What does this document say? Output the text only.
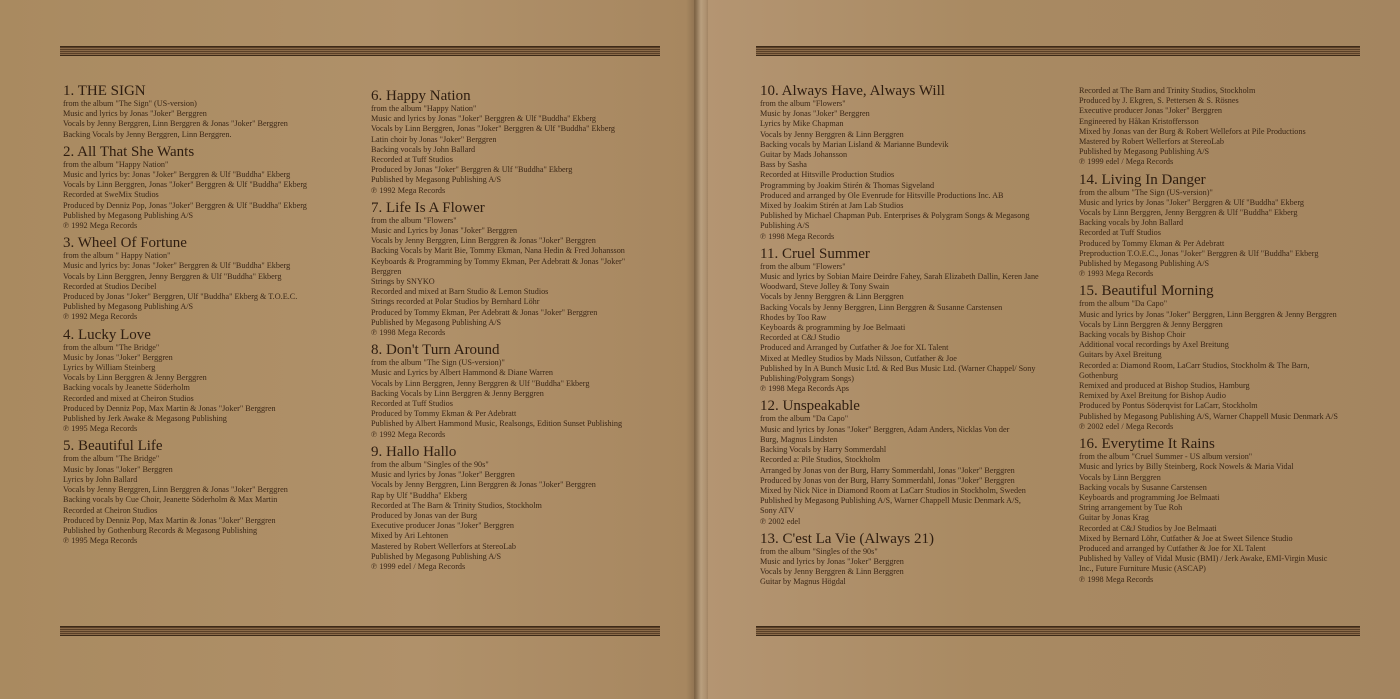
1. THE SIGN
from the album "The Sign" (US-version)
Music and lyrics by Jonas "Joker" Berggren
Vocals by Jenny Berggren, Linn Berggren & Jonas "Joker" Berggren
Backing Vocals by Jenny Berggren, Linn Berggren.
2. All That She Wants
from the album "Happy Nation"
Music and lyrics by: Jonas "Joker" Berggren & Ulf "Buddha" Ekberg
Vocals by Linn Berggren, Jonas "Joker" Berggren & Ulf "Buddha" Ekberg
Recorded at SweMix Studios
Produced by Denniz Pop, Jonas "Joker" Berggren & Ulf "Buddha" Ekberg
Published by Megasong Publishing A/S
℗ 1992 Mega Records
3. Wheel Of Fortune
from the album " Happy Nation"
Music and lyrics by: Jonas "Joker" Berggren & Ulf "Buddha" Ekberg
Vocals by Linn Berggren, Jenny Berggren & Ulf "Buddha" Ekberg
Recorded at Studios Decibel
Produced by Jonas "Joker" Berggren, Ulf "Buddha" Ekberg & T.O.E.C.
Published by Megasong Publishing A/S
℗ 1992 Mega Records
4. Lucky Love
from the album "The Bridge"
Music by Jonas "Joker" Berggren
Lyrics by William Steinberg
Vocals by Linn Berggren & Jenny Berggren
Backing vocals by Jeanette Söderholm
Recorded and mixed at Cheiron Studios
Produced by Denniz Pop, Max Martin & Jonas "Joker" Berggren
Published by Jerk Awake & Megasong Publishing
℗ 1995 Mega Records
5. Beautiful Life
from the album "The Bridge"
Music by Jonas "Joker" Berggren
Lyrics by John Ballard
Vocals by Jenny Berggren, Linn Berggren & Jonas "Joker" Berggren
Backing vocals by Cue Choir, Jeanette Söderholm & Max Martin
Recorded at Cheiron Studios
Produced by Denniz Pop, Max Martin & Jonas "Joker" Berggren
Published by Gothenburg Records & Megasong Publishing
℗ 1995 Mega Records
6. Happy Nation
from the album "Happy Nation"
Music and lyrics by Jonas "Joker" Berggren & Ulf "Buddha" Ekberg
Vocals by Linn Berggren, Jonas "Joker" Berggren & Ulf "Buddha" Ekberg
Latin choir by Jonas "Joker" Berggren
Backing vocals by John Ballard
Recorded at Tuff Studios
Produced by Jonas "Joker" Berggren & Ulf "Buddha" Ekberg
Published by Megasong Publishing A/S
℗ 1992 Mega Records
7. Life Is A Flower
from the album "Flowers"
Music and Lyrics by Jonas "Joker" Berggren
Vocals by Jenny Berggren, Linn Berggren & Jonas "Joker" Berggren
Backing Vocals by Marit Bie, Tommy Ekman, Nana Hedin & Fred Johansson
Keyboards & Programming by Tommy Ekman, Per Adebratt & Jonas "Joker"
Berggren
Strings by SNYKO
Recorded and mixed at Barn Studio & Lemon Studios
Strings recorded at Polar Studios by Bernhard Löhr
Produced by Tommy Ekman, Per Adebratt & Jonas "Joker" Berggren
Published by Megasong Publishing A/S
℗ 1998 Mega Records
8. Don't Turn Around
from the album "The Sign (US-version)"
Music and Lyrics by Albert Hammond & Diane Warren
Vocals by Linn Berggren, Jenny Berggren & Ulf "Buddha" Ekberg
Backing Vocals by Linn Berggren & Jenny Berggren
Recorded at Tuff Studios
Produced by Tommy Ekman & Per Adebratt
Published by Albert Hammond Music, Realsongs, Edition Sunset Publishing
℗ 1992 Mega Records
9. Hallo Hallo
from the album "Singles of the 90s"
Music and lyrics by Jonas "Joker" Berggren
Vocals by Jenny Berggren, Linn Berggren & Jonas "Joker" Berggren
Rap by Ulf "Buddha" Ekberg
Recorded at The Barn & Trinity Studios, Stockholm
Produced by Jonas van der Burg
Executive producer Jonas "Joker" Berggren
Mixed by Ari Lehtonen
Mastered by Robert Wellerfors at StereoLab
Published by Megasong Publishing A/S
℗ 1999 edel / Mega Records
10. Always Have, Always Will
from the album "Flowers"
Music by Jonas "Joker" Berggren
Lyrics by Mike Chapman
Vocals by Jenny Berggren & Linn Berggren
Backing vocals by Marian Lisland & Marianne Bundevik
Guitar by Mads Johansson
Bass by Sasha
Recorded at Hitsville Production Studios
Programming by Joakim Stirén & Thomas Sigveland
Produced and arranged by Ole Evenrude for Hitsville Productions Inc. AB
Mixed by Joakim Stirén at Jam Lab Studios
Published by Michael Chapman Pub. Enterprises & Polygram Songs & Megasong
Publishing A/S
℗ 1998 Mega Records
11. Cruel Summer
from the album "Flowers"
Music and lyrics by Sobian Maire Deirdre Fahey, Sarah Elizabeth Dallin, Keren Jane
Woodward, Steve Jolley & Tony Swain
Vocals by Jenny Berggren & Linn Berggren
Backing Vocals by Jenny Berggren, Linn Berggren & Susanne Carstensen
Rhodes by Too Raw
Keyboards & programming by Joe Belmaati
Recorded at C&J Studio
Produced and Arranged by Cutfather & Joe for XL Talent
Mixed at Medley Studios by Mads Nilsson, Cutfather & Joe
Published by In A Bunch Music Ltd. & Red Bus Music Ltd. (Warner Chappel/ Sony
Publishing/Polygram Songs)
℗ 1998 Mega Records Aps
12. Unspeakable
from the album "Da Capo"
Music and lyrics by Jonas "Joker" Berggren, Adam Anders, Nicklas Von der
Burg, Magnus Lindsten
Backing Vocals by Harry Sommerdahl
Recorded a: Pile Studios, Stockholm
Arranged by Jonas von der Burg, Harry Sommerdahl, Jonas "Joker" Berggren
Produced by Jonas von der Burg, Harry Sommerdahl, Jonas "Joker" Berggren
Mixed by Nick Nice in Diamond Room at LaCarr Studios in Stockholm, Sweden
Published by Megasong Publishing A/S, Warner Chappell Music Denmark A/S,
Sony ATV
℗ 2002 edel
13. C'est La Vie (Always 21)
from the album "Singles of the 90s"
Music and lyrics by Jonas "Joker" Berggren
Vocals by Jenny Berggren & Linn Berggren
Guitar by Magnus Högdal
Recorded at The Barn and Trinity Studios, Stockholm
Produced by J. Ekgren, S. Pettersen & S. Rösnes
Executive producer Jonas "Joker" Berggren
Engineered by Håkan Kristoffersson
Mixed by Jonas van der Burg & Robert Wellefors at Pile Productions
Mastered by Robert Wellerfors at StereoLab
Published by Megasong Publishing A/S
℗ 1999 edel / Mega Records
14. Living In Danger
from the album "The Sign (US-version)"
Music and lyrics by Jonas "Joker" Berggren & Ulf "Buddha" Ekberg
Vocals by Linn Berggren, Jenny Berggren & Ulf "Buddha" Ekberg
Backing vocals by John Ballard
Recorded at Tuff Studios
Produced by Tommy Ekman & Per Adebratt
Preproduction T.O.E.C., Jonas "Joker" Berggren & Ulf "Buddha" Ekberg
Published by Megasong Publishing A/S
℗ 1993 Mega Records
15. Beautiful Morning
from the album "Da Capo"
Music and lyrics by Jonas "Joker" Berggren, Linn Berggren & Jenny Berggren
Vocals by Linn Berggren & Jenny Berggren
Backing vocals by Bishop Choir
Additional vocal recordings by Axel Breitung
Guitars by Axel Breitung
Recorded a: Diamond Room, LaCarr Studios, Stockholm & The Barn,
Gothenburg
Remixed and produced at Bishop Studios, Hamburg
Remixed by Axel Breitung for Bishop Audio
Produced by Pontus Söderqvist for LaCarr, Stockholm
Published by Megasong Publishing A/S, Warner Chappell Music Denmark A/S
℗ 2002 edel / Mega Records
16. Everytime It Rains
from the album "Cruel Summer - US album version"
Music and lyrics by Billy Steinberg, Rock Nowels & Maria Vidal
Vocals by Linn Berggren
Backing vocals by Susanne Carstensen
Keyboards and programming Joe Belmaati
String arrangement by Tue Roh
Guitar by Jonas Krag
Recorded at C&J Studios by Joe Belmaati
Mixed by Bernard Löhr, Cutfather & Joe at Sweet Silence Studio
Produced and arranged by Cutfather & Joe for XL Talent
Published by Valley of Vidal Music (BMI) / Jerk Awake, EMI-Virgin Music
Inc., Future Furniture Music (ASCAP)
℗ 1998 Mega Records
